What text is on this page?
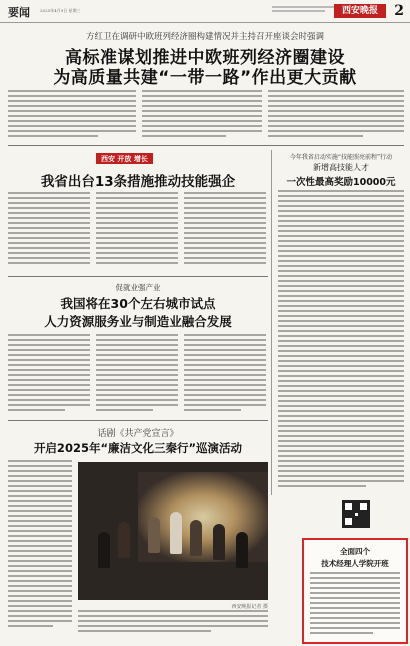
要闻	2025年4月9日 星期三	西安晚报	2
方红卫在调研中欧班列经济圈构建情况并主持召开座谈会时强调
高标准谋划推进中欧班列经济圈建设
为高质量共建“一带一路”作出更大贡献
西安 开放 增长
我省出台13条措施推动技能强企
今年我省启动实施“技能照亮前程”行动
新增高技能人才
一次性最高奖励10000元
促就业强产业
我国将在30个左右城市试点
人力资源服务业与制造业融合发展
话剧《共产党宣言》
开启2025年“廉洁文化三秦行”巡演活动
西安晚报记者 摄
全面四个
技术经理人学院开班
